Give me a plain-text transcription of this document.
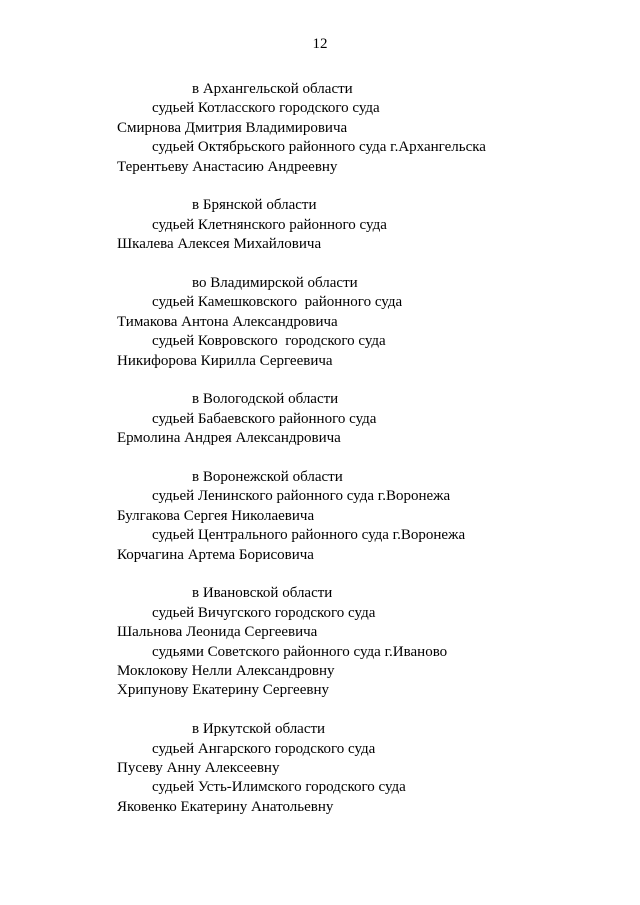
12
в Архангельской области
судьей Котласского городского суда
Смирнова Дмитрия Владимировича
судьей Октябрьского районного суда г.Архангельска
Терентьеву Анастасию Андреевну
в Брянской области
судьей Клетнянского районного суда
Шкалева Алексея Михайловича
во Владимирской области
судьей Камешковского  районного суда
Тимакова Антона Александровича
судьей Ковровского  городского суда
Никифорова Кирилла Сергеевича
в Вологодской области
судьей Бабаевского районного суда
Ермолина Андрея Александровича
в Воронежской области
судьей Ленинского районного суда г.Воронежа
Булгакова Сергея Николаевича
судьей Центрального районного суда г.Воронежа
Корчагина Артема Борисовича
в Ивановской области
судьей Вичугского городского суда
Шальнова Леонида Сергеевича
судьями Советского районного суда г.Иваново
Моклокову Нелли Александровну
Хрипунову Екатерину Сергеевну
в Иркутской области
судьей Ангарского городского суда
Пусеву Анну Алексеевну
судьей Усть-Илимского городского суда
Яковенко Екатерину Анатольевну
